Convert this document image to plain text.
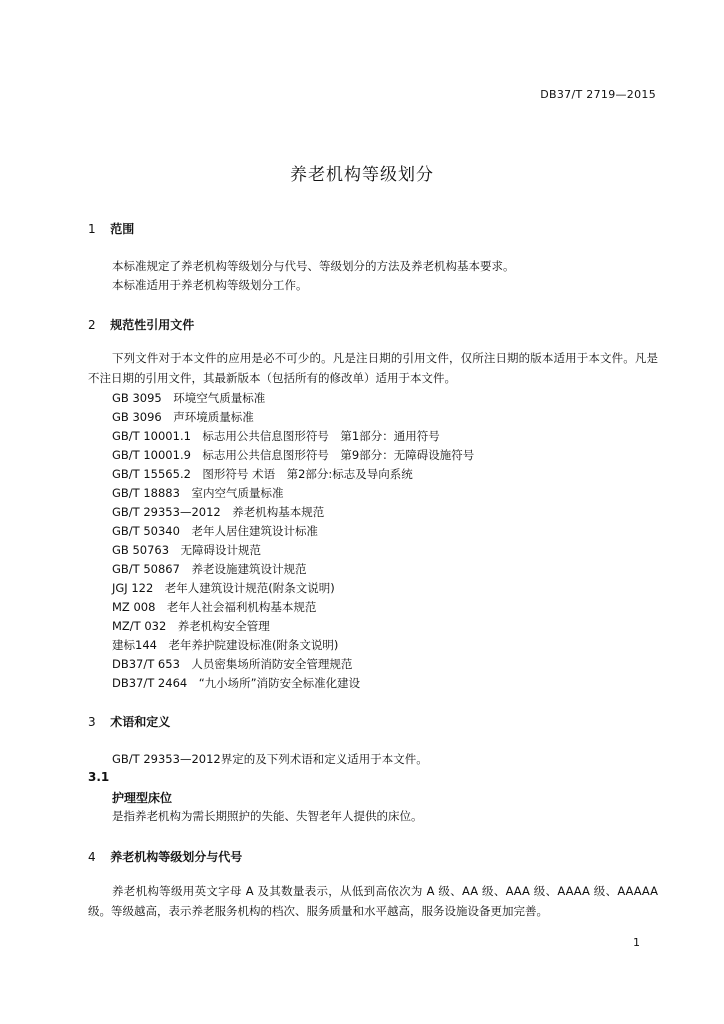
DB37/T 2719—2015
养老机构等级划分
1 范围
本标准规定了养老机构等级划分与代号、等级划分的方法及养老机构基本要求。
本标准适用于养老机构等级划分工作。
2 规范性引用文件
下列文件对于本文件的应用是必不可少的。凡是注日期的引用文件，仅所注日期的版本适用于本文件。凡是不注日期的引用文件，其最新版本（包括所有的修改单）适用于本文件。
GB 3095　环境空气质量标准
GB 3096　声环境质量标准
GB/T 10001.1　标志用公共信息图形符号　第1部分：通用符号
GB/T 10001.9　标志用公共信息图形符号　第9部分：无障碍设施符号
GB/T 15565.2　图形符号 术语　第2部分:标志及导向系统
GB/T 18883　室内空气质量标准
GB/T 29353—2012　养老机构基本规范
GB/T 50340　老年人居住建筑设计标准
GB 50763　无障碍设计规范
GB/T 50867　养老设施建筑设计规范
JGJ 122　老年人建筑设计规范(附条文说明)
MZ 008　老年人社会福利机构基本规范
MZ/T 032　养老机构安全管理
建标144　老年养护院建设标准(附条文说明)
DB37/T 653　人员密集场所消防安全管理规范
DB37/T 2464　“九小场所”消防安全标准化建设
3 术语和定义
GB/T 29353—2012界定的及下列术语和定义适用于本文件。
3.1
护理型床位
是指养老机构为需长期照护的失能、失智老年人提供的床位。
4 养老机构等级划分与代号
养老机构等级用英文字母 A 及其数量表示，从低到高依次为 A 级、AA 级、AAA 级、AAAA 级、AAAAA级。等级越高，表示养老服务机构的档次、服务质量和水平越高，服务设施设备更加完善。
1
